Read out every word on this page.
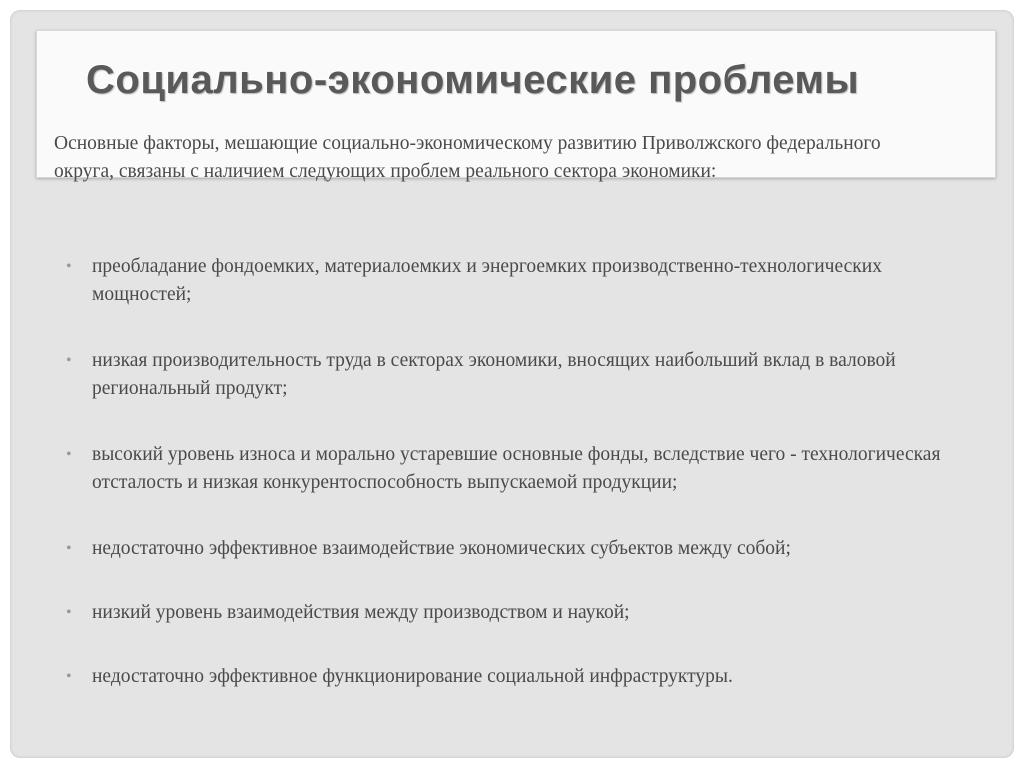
Социально-экономические проблемы

Основные факторы, мешающие социально-экономическому развитию Приволжского федерального округа, связаны с наличием следующих проблем реального сектора экономики:

• преобладание фондоемких, материалоемких и энергоемких производственно-технологических мощностей;
• низкая производительность труда в секторах экономики, вносящих наибольший вклад в валовой региональный продукт;
• высокий уровень износа и морально устаревшие основные фонды, вследствие чего - технологическая отсталость и низкая конкурентоспособность выпускаемой продукции;
• недостаточно эффективное взаимодействие экономических субъектов между собой;
• низкий уровень взаимодействия между производством и наукой;
• недостаточно эффективное функционирование социальной инфраструктуры.
